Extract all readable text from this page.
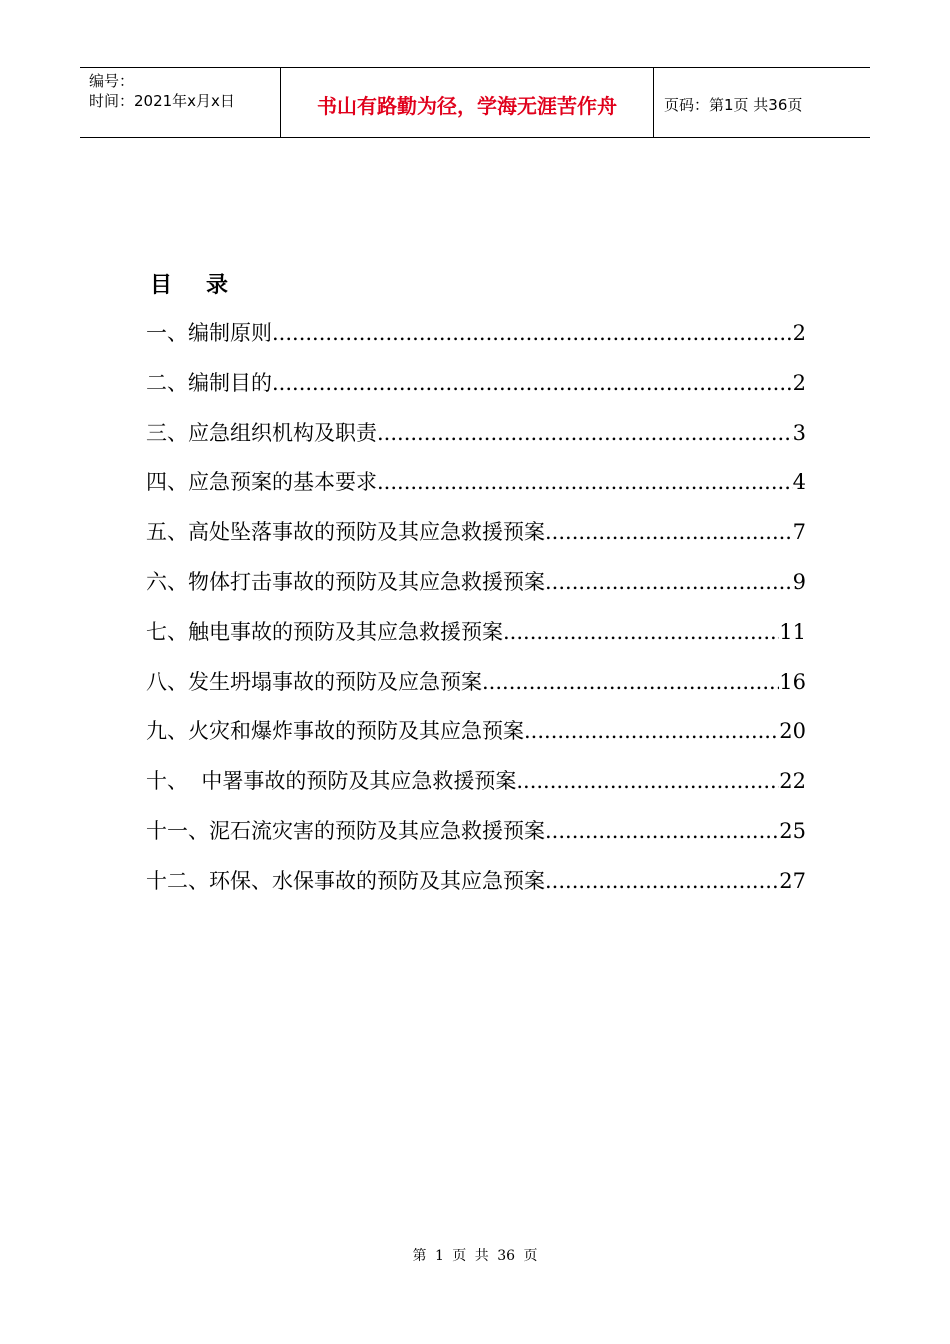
编号：
时间：2021年x月x日	书山有路勤为径，学海无涯苦作舟	页码：第1页 共36页
目录
一、编制原则 .....	2
二、编制目的 .....	2
三、应急组织机构及职责 .....	3
四、应急预案的基本要求 .....	4
五、高处坠落事故的预防及其应急救援预案 .....	7
六、物体打击事故的预防及其应急救援预案 .....	9
七、触电事故的预防及其应急救援预案 .....	11
八、发生坍塌事故的预防及应急预案 .....	16
九、火灾和爆炸事故的预防及其应急预案 .....	20
十、  中署事故的预防及其应急救援预案 .....	22
十一、泥石流灾害的预防及其应急救援预案 .....	25
十二、环保、水保事故的预防及其应急预案 .....	27
第 1 页 共 36 页
